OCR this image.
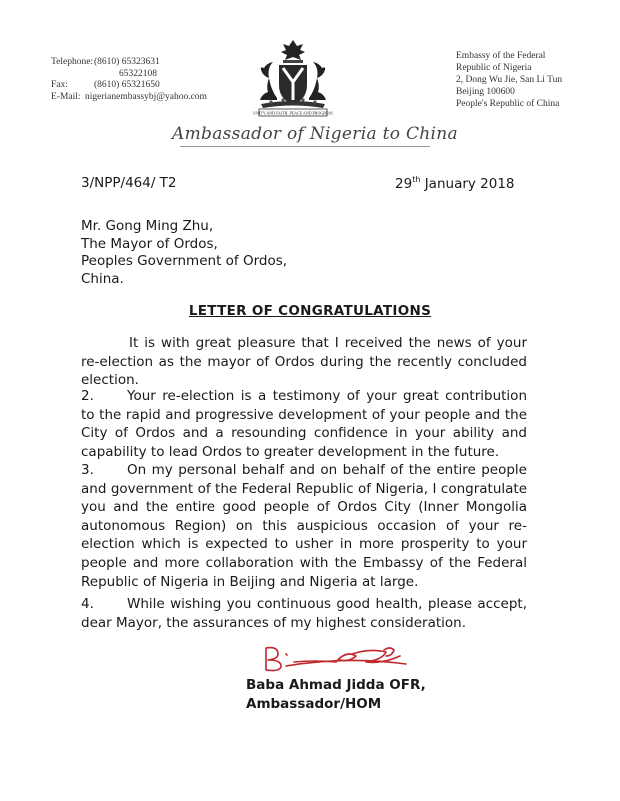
Telephone: (8610) 65323631
65322108
Fax:	(8610) 65321650
E-Mail: nigerianembassybj@yahoo.com
UNITY AND FAITH, PEACE AND PROGRESS
Embassy of the Federal
Republic of Nigeria
2, Dong Wu Jie, San Li Tun
Beijing 100600
People's Republic of China
Ambassador of Nigeria to China
3/NPP/464/ T2	29th January 2018
Mr. Gong Ming Zhu,
The Mayor of Ordos,
Peoples Government of Ordos,
China.
LETTER OF CONGRATULATIONS
It is with great pleasure that I received the news of your re-election as the mayor of Ordos during the recently concluded election.
2. Your re-election is a testimony of your great contribution to the rapid and progressive development of your people and the City of Ordos and a resounding confidence in your ability and capability to lead Ordos to greater development in the future.
3. On my personal behalf and on behalf of the entire people and government of the Federal Republic of Nigeria, I congratulate you and the entire good people of Ordos City (Inner Mongolia autonomous Region) on this auspicious occasion of your re-election which is expected to usher in more prosperity to your people and more collaboration with the Embassy of the Federal Republic of Nigeria in Beijing and Nigeria at large.
4. While wishing you continuous good health, please accept, dear Mayor, the assurances of my highest consideration.
Baba Ahmad Jidda OFR,
Ambassador/HOM
